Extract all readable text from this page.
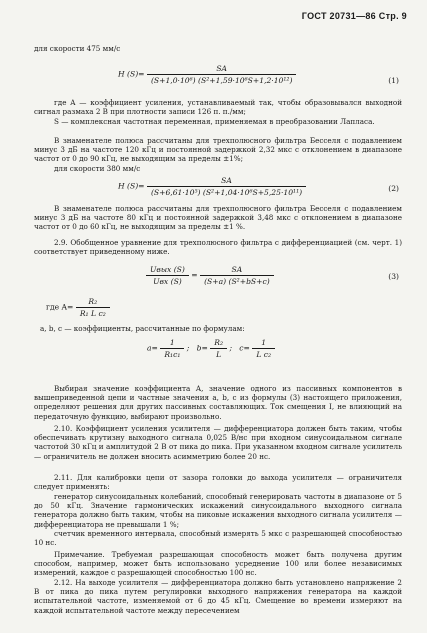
ГОСТ 20731—86 Стр. 9
для скорости 475 мм/с
H $(S)= \frac{SA}{\text{(S+1,0·10⁶) (S²+1,59·10⁶S+1,2·10¹²)}}$	(1)
где A — коэффициент усиления, устанавливаемый так, чтобы образовывался выходной сигнал размаха 2 В при плотности записи 126 п. п./мм;
S — комплексная частотная переменная, применяемая в преобразовании Лапласа.
В знаменателе полюса рассчитаны для трехполюсного фильтра Бесселя с подавлением минус 3 дБ на частоте 120 кГц и постоянной задержкой 2,32 мкс с отклонением в диапазоне частот от 0 до 90 кГц, не выходящим за пределы ±1%;
для скорости 380 мм/с
H $(S)= \frac{SA}{\text{(S+6,61·10⁵) (S²+1,04·10⁶S+5,25·10¹¹)}}$	(2)
В знаменателе полюса рассчитаны для трехполюсного фильтра Бесселя с подавлением минус 3 дБ на частоте 80 кГц и постоянной задержкой 3,48 мкс с отклонением в диапазоне частот от 0 до 60 кГц, не выходящим за пределы ±1 %.
2.9. Обобщенное уравнение для трехполюсного фильтра с дифференциацией (см. черт. 1) соответствует приведенному ниже.
$\frac{\text{Uвых (S)}}{\text{Uвх (S)}} = \frac{SA}{\text{(S+a) (S²+bS+c)}}$	(3)
где $A= \frac{\text{R₂}}{\text{R₁ L c₂}}$
a, b, c — коэффициенты, рассчитанные по формулам:
$a= \frac{1}{\text{R₁c₁}}$ ;   $b= \frac{\text{R₂}}{L}$ ;   $c= \frac{1}{\text{L c₂}}$
Выбирая значение коэффициента A, значение одного из пассивных компонентов в вышеприведенной цепи и частные значения a, b, c из формулы (3) настоящего приложения, определяют решения для других пассивных составляющих. Ток смещения I, не влияющий на передаточную функцию, выбирают произвольно.
2.10. Коэффициент усиления усилителя — дифференциатора должен быть таким, чтобы обеспечивать крутизну выходного сигнала 0,025 В/нс при входном синусоидальном сигнале частотой 30 кГц и амплитудой 2 В от пика до пика. При указанном входном сигнале усилитель — ограничитель не должен вносить асимметрию более 20 нс.
2.11. Для калибровки цепи от зазора головки до выхода усилителя — ограничителя следует применять:
генератор синусоидальных колебаний, способный генерировать частоты в диапазоне от 5 до 50 кГц. Значение гармонических искажений синусоидального выходного сигнала генератора должно быть таким, чтобы на пиковые искажения выходного сигнала усилителя — дифференциатора не превышали 1 %;
счетчик временного интервала, способный измерять 5 мкс с разрешающей способностью 10 нс.
Примечание. Требуемая разрешающая способность может быть получена другим способом, например, может быть использовано усреднение 100 или более независимых измерений, каждое с разрешающей способностью 100 нс.
2.12. На выходе усилителя — дифференциатора должно быть установлено напряжение 2 В от пика до пика путем регулировки выходного напряжения генератора на каждой испытательной частоте, изменяемой от 6 до 45 кГц. Смещение во времени измеряют на каждой испытательной частоте между пересечением
